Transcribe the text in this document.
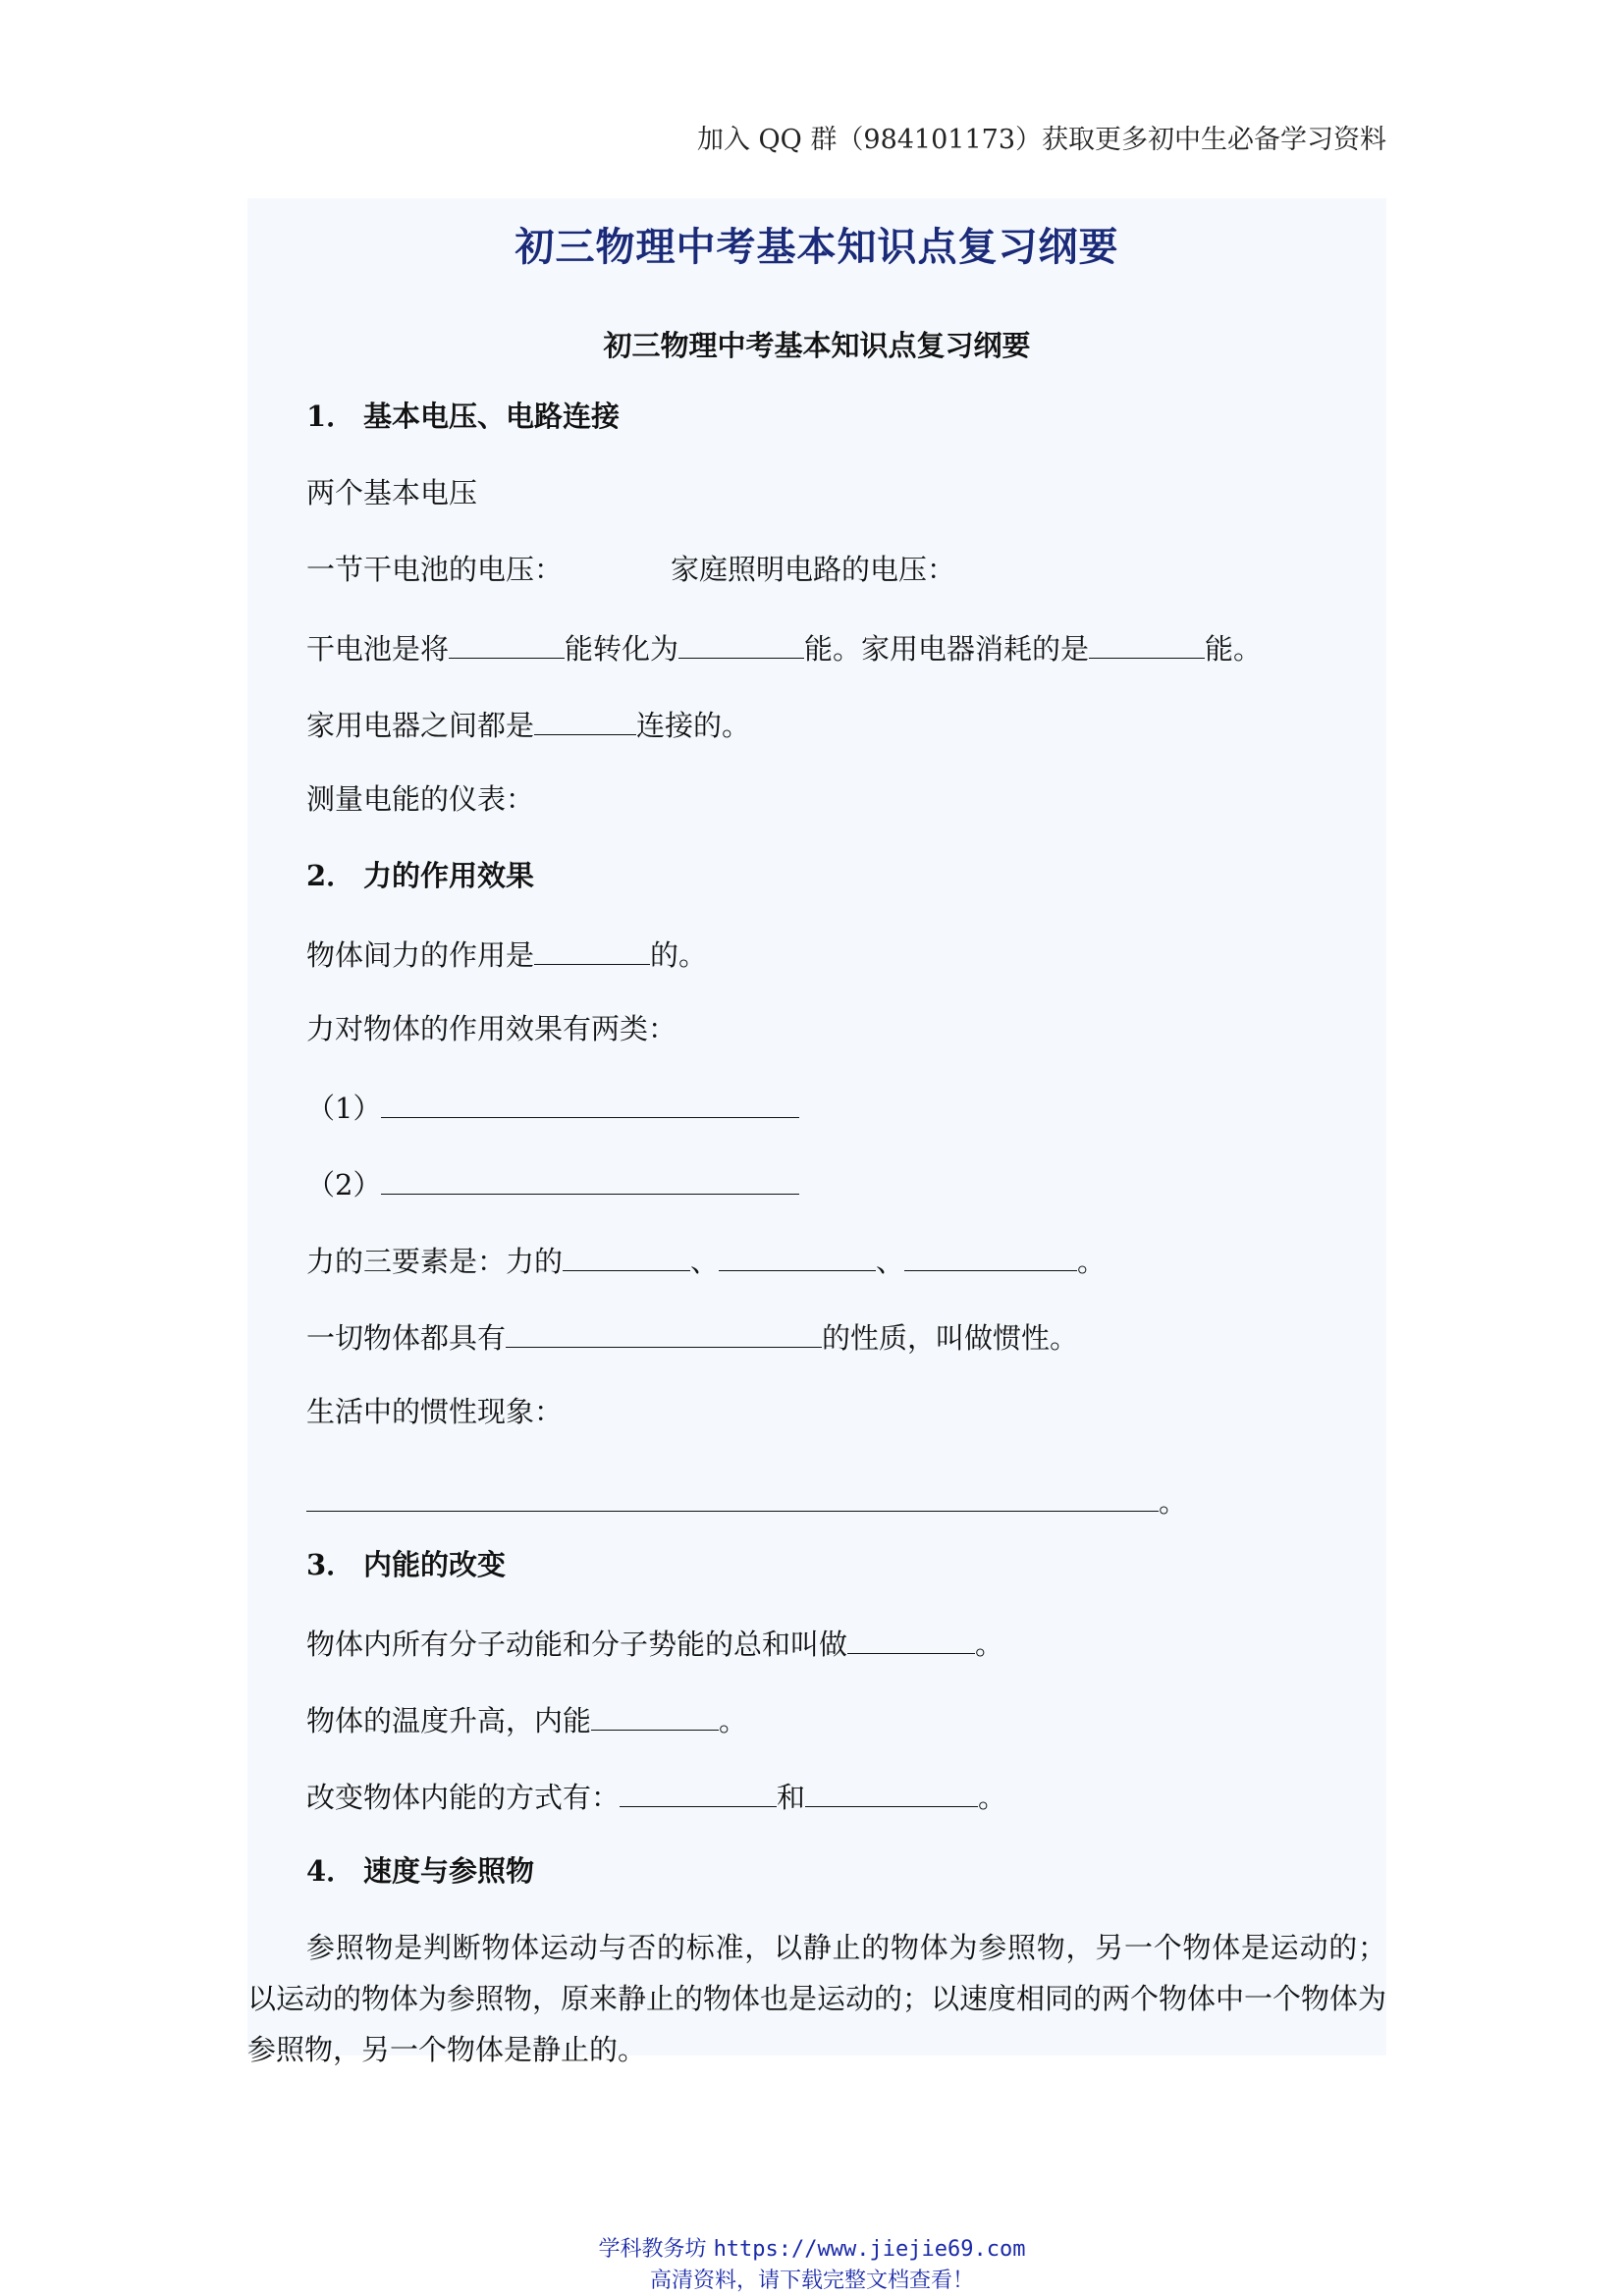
加入 QQ 群（984101173）获取更多初中生必备学习资料
初三物理中考基本知识点复习纲要
初三物理中考基本知识点复习纲要
1． 基本电压、电路连接
两个基本电压
一节干电池的电压：	家庭照明电路的电压：
干电池是将	能转化为	能。家用电器消耗的是	能。
家用电器之间都是	连接的。
测量电能的仪表：
2． 力的作用效果
物体间力的作用是	的。
力对物体的作用效果有两类：
（1）
（2）
力的三要素是：力的	、	、	。
一切物体都具有	的性质，叫做惯性。
生活中的惯性现象：
。
3． 内能的改变
物体内所有分子动能和分子势能的总和叫做	。
物体的温度升高，内能	。
改变物体内能的方式有：	和	。
4． 速度与参照物
参照物是判断物体运动与否的标准，以静止的物体为参照物，另一个物体是运动的；以运动的物体为参照物，原来静止的物体也是运动的；以速度相同的两个物体中一个物体为参照物，另一个物体是静止的。
学科教务坊 https://www.jiejie69.com
高清资料，请下载完整文档查看！
